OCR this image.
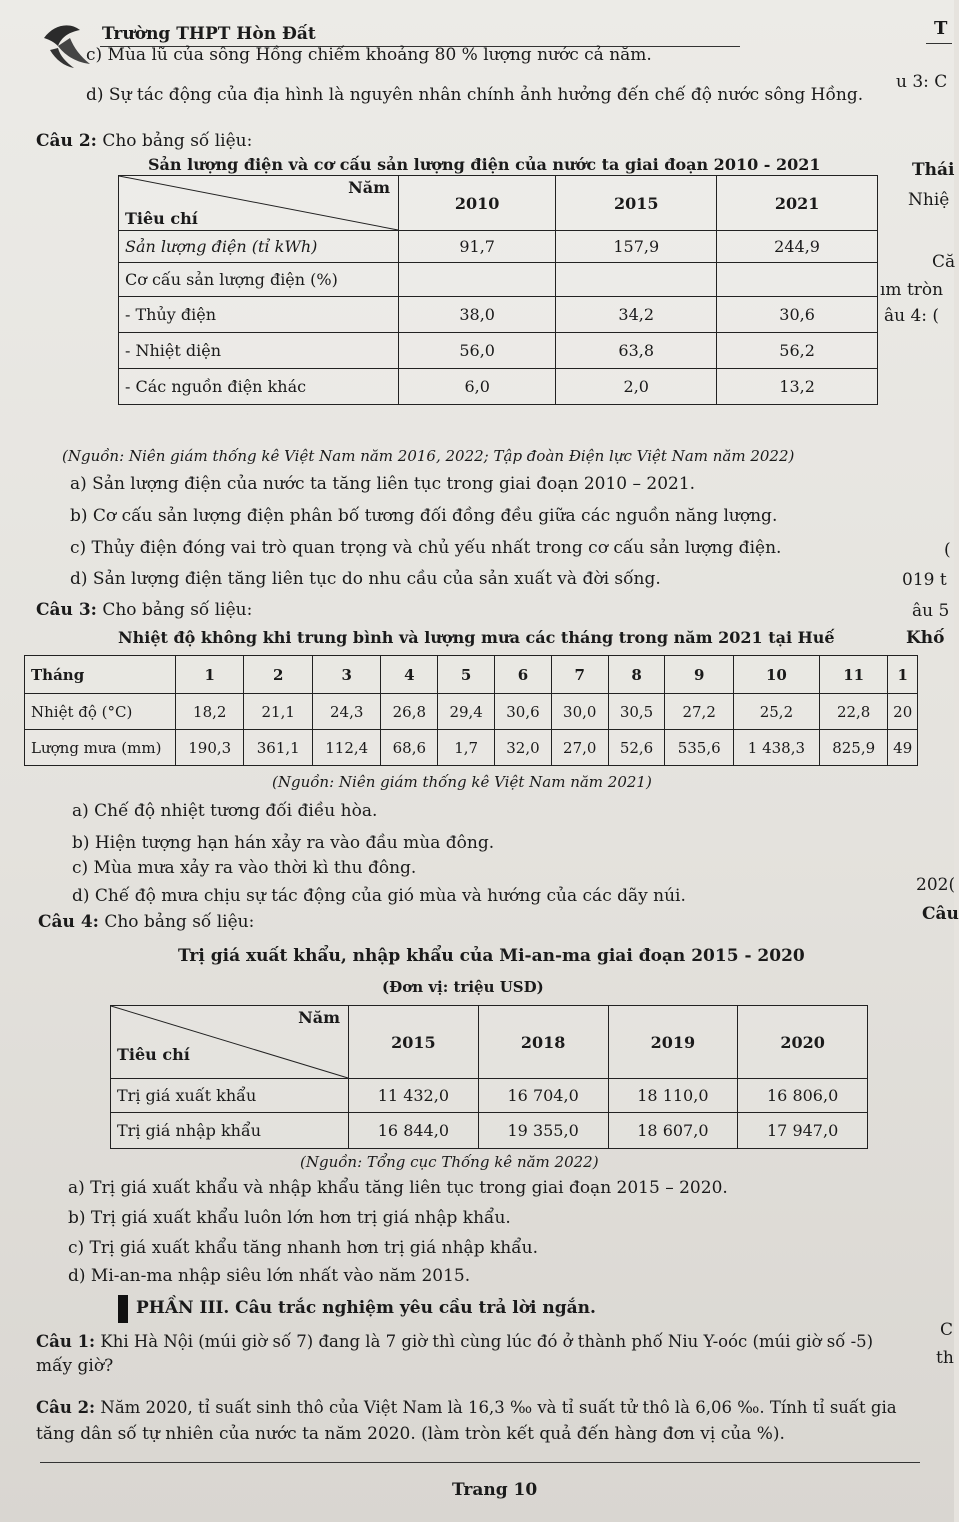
Trường THPT Hòn Đất	T
c) Mùa lũ của sông Hồng chiếm khoảng 80 % lượng nước cả năm.
d) Sự tác động của địa hình là nguyên nhân chính ảnh hưởng đến chế độ nước sông Hồng.
u 3: C
Thái
Nhiệ
Că
ım tròn
âu 4: (
(
019 t
âu 5
Khố
202(
Câu
C
th
Câu 2: Cho bảng số liệu:
Sản lượng điện và cơ cấu sản lượng điện của nước ta giai đoạn 2010 - 2021
Năm
Tiêu chí	2010	2015	2021
Sản lượng điện (tỉ kWh)	91,7	157,9	244,9
Cơ cấu sản lượng điện (%)			
- Thủy điện	38,0	34,2	30,6
- Nhiệt diện	56,0	63,8	56,2
- Các nguồn điện khác	6,0	2,0	13,2
(Nguồn: Niên giám thống kê Việt Nam năm 2016, 2022; Tập đoàn Điện lực Việt Nam năm 2022)
a) Sản lượng điện của nước ta tăng liên tục trong giai đoạn 2010 – 2021.
b) Cơ cấu sản lượng điện phân bố tương đối đồng đều giữa các nguồn năng lượng.
c) Thủy điện đóng vai trò quan trọng và chủ yếu nhất trong cơ cấu sản lượng điện.
d) Sản lượng điện tăng liên tục do nhu cầu của sản xuất và đời sống.
Câu 3: Cho bảng số liệu:
Nhiệt độ không khi trung bình và lượng mưa các tháng trong năm 2021 tại Huế
Tháng	1	2	3	4	5	6	7	8	9	10	11	1
Nhiệt độ (°C)	18,2	21,1	24,3	26,8	29,4	30,6	30,0	30,5	27,2	25,2	22,8	20
Lượng mưa (mm)	190,3	361,1	112,4	68,6	1,7	32,0	27,0	52,6	535,6	1 438,3	825,9	49
(Nguồn: Niên giám thống kê Việt Nam năm 2021)
a) Chế độ nhiệt tương đối điều hòa.
b) Hiện tượng hạn hán xảy ra vào đầu mùa đông.
c) Mùa mưa xảy ra vào thời kì thu đông.
d) Chế độ mưa chịu sự tác động của gió mùa và hướng của các dãy núi.
Câu 4: Cho bảng số liệu:
Trị giá xuất khẩu, nhập khẩu của Mi-an-ma giai đoạn 2015 - 2020
(Đơn vị: triệu USD)
Năm
Tiêu chí	2015	2018	2019	2020
Trị giá xuất khẩu	11 432,0	16 704,0	18 110,0	16 806,0
Trị giá nhập khẩu	16 844,0	19 355,0	18 607,0	17 947,0
(Nguồn: Tổng cục Thống kê năm 2022)
a) Trị giá xuất khẩu và nhập khẩu tăng liên tục trong giai đoạn 2015 – 2020.
b) Trị giá xuất khẩu luôn lớn hơn trị giá nhập khẩu.
c) Trị giá xuất khẩu tăng nhanh hơn trị giá nhập khẩu.
d) Mi-an-ma nhập siêu lớn nhất vào năm 2015.
PHẦN III. Câu trắc nghiệm yêu cầu trả lời ngắn.
Câu 1: Khi Hà Nội (múi giờ số 7) đang là 7 giờ thì cùng lúc đó ở thành phố Niu Y-oóc (múi giờ số -5)
mấy giờ?
Câu 2: Năm 2020, tỉ suất sinh thô của Việt Nam là 16,3 ‰ và tỉ suất tử thô là 6,06 ‰. Tính tỉ suất gia
tăng dân số tự nhiên của nước ta năm 2020. (làm tròn kết quả đến hàng đơn vị của %).
Trang 10
